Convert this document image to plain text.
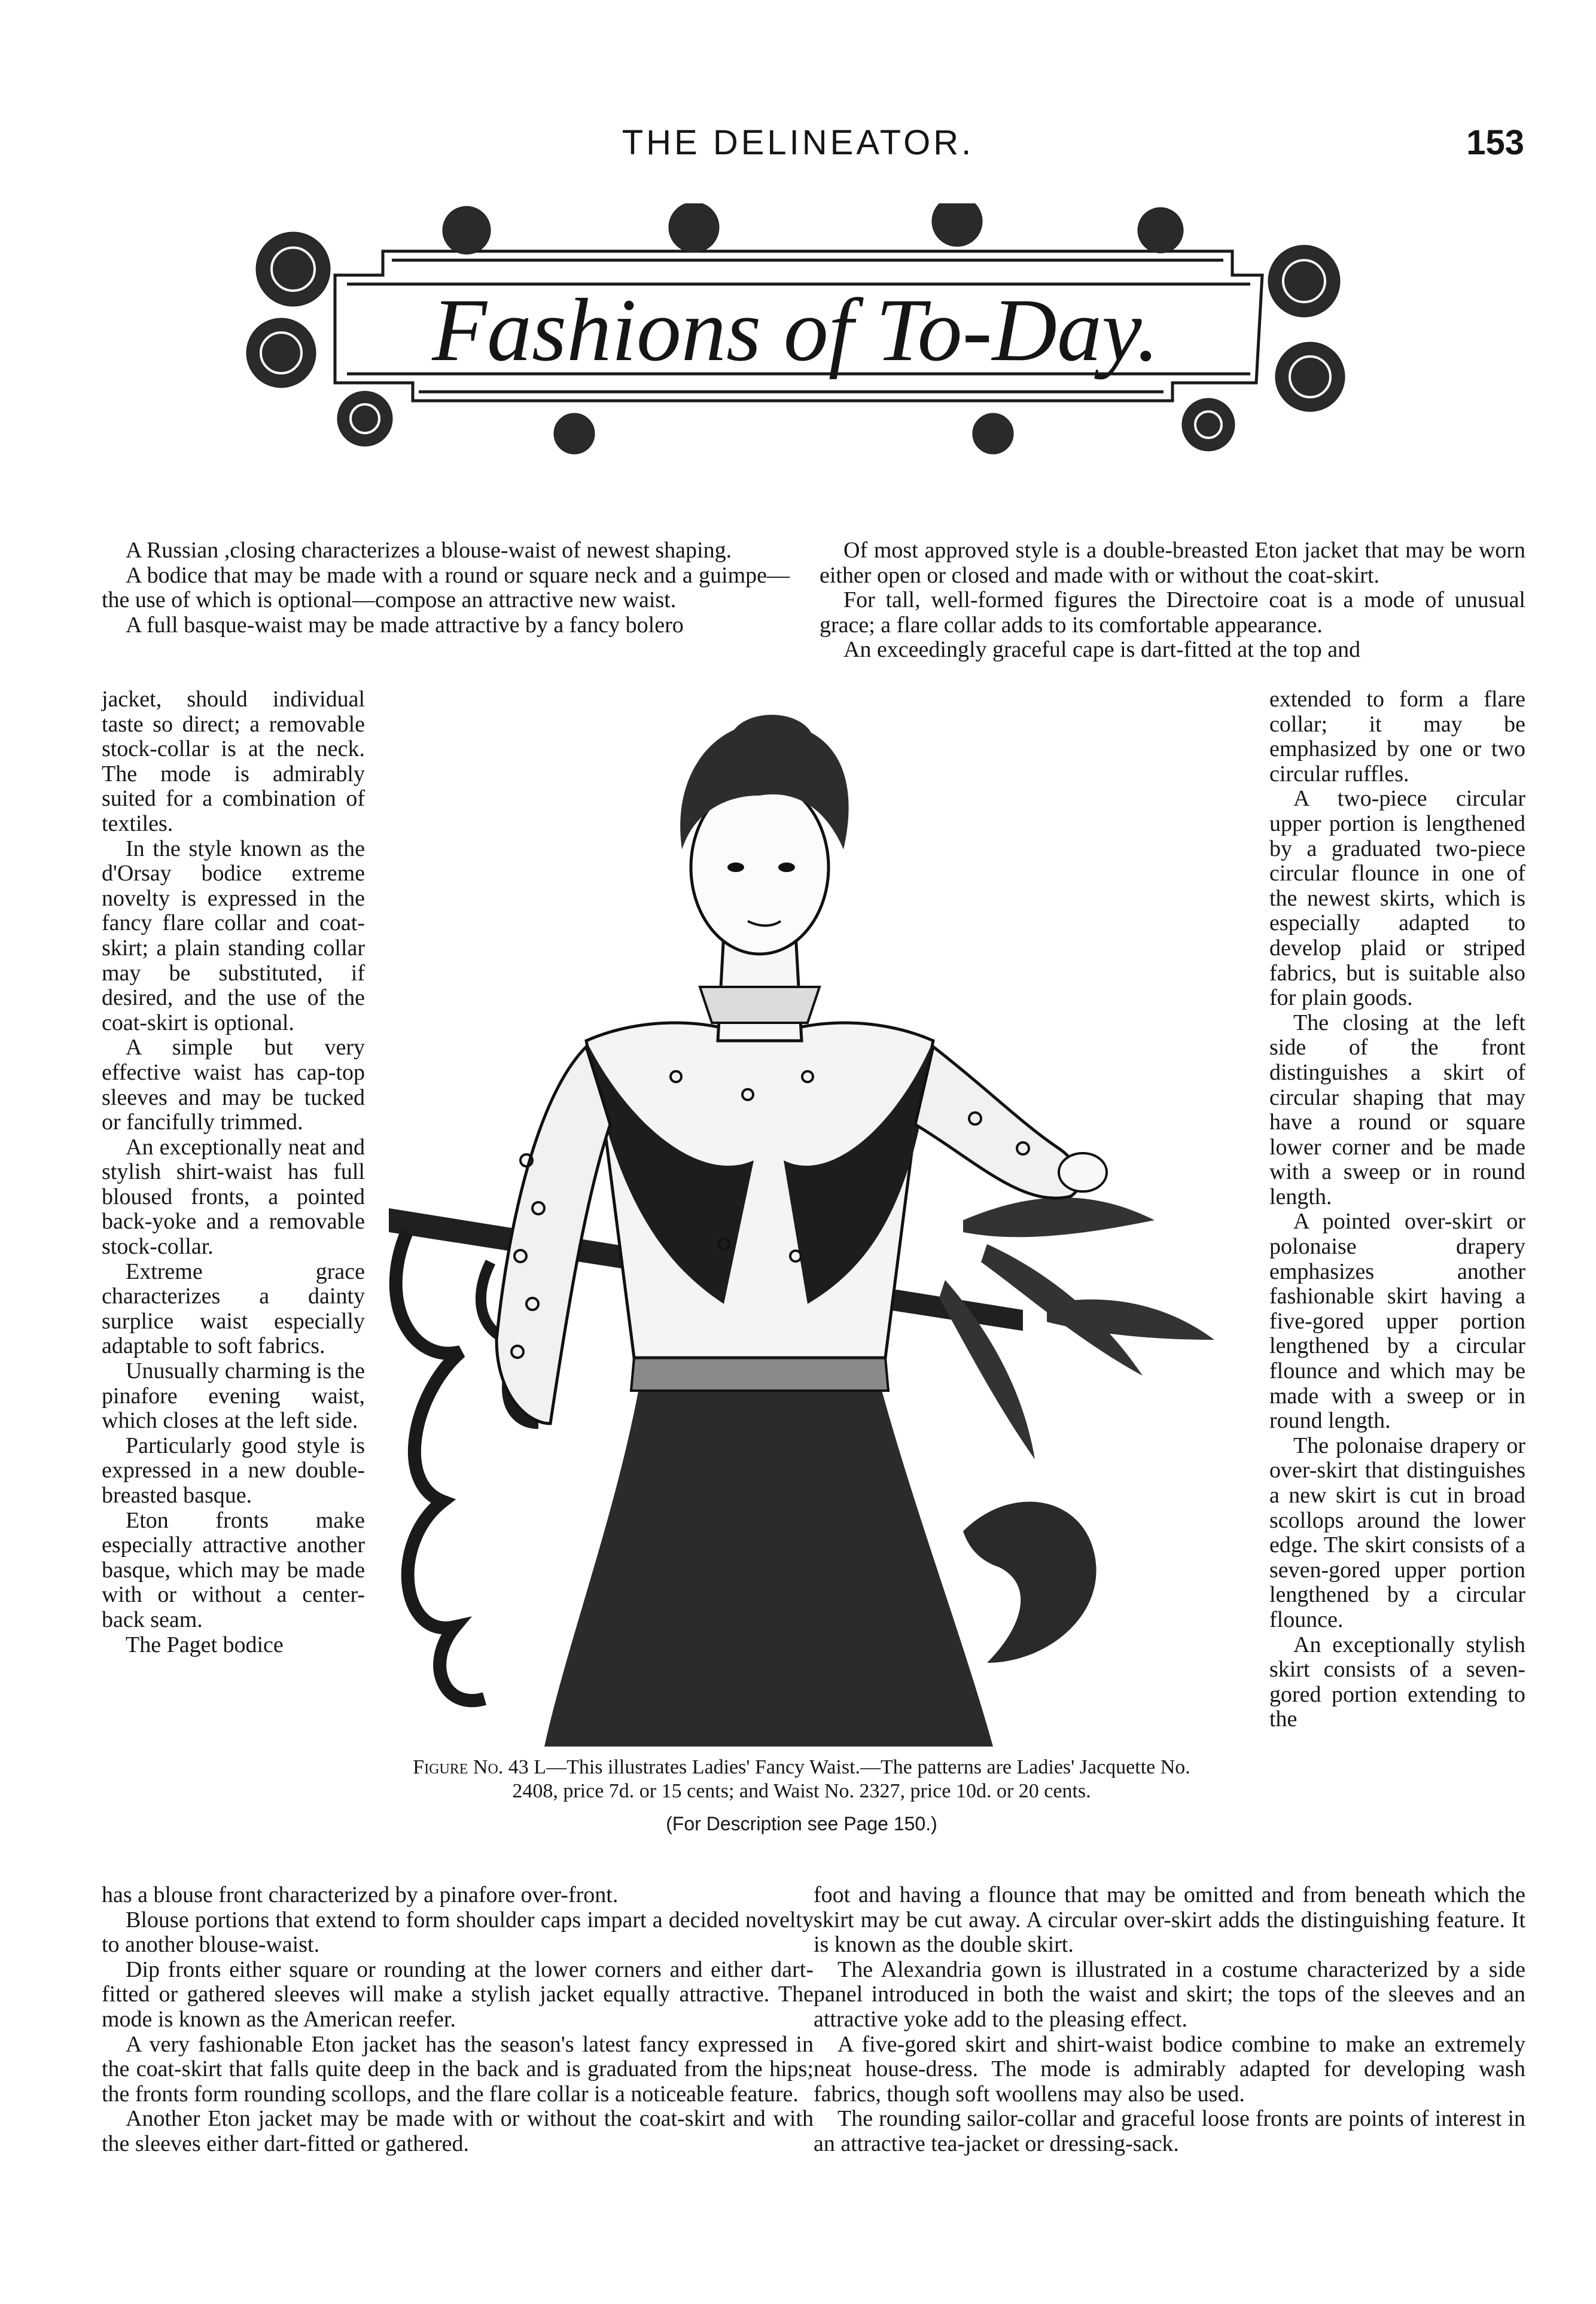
THE DELINEATOR.	153
Fashions of To-Day.

A Russian ,closing characterizes a blouse-waist of newest shaping.

A bodice that may be made with a round or square neck and a guimpe—the use of which is optional—compose an attractive new waist.

A full basque-waist may be made attractive by a fancy bolero

jacket, should individual taste so direct; a removable stock-collar is at the neck. The mode is admirably suited for a combination of textiles.

In the style known as the d'Orsay bodice extreme novelty is expressed in the fancy flare collar and coat-skirt; a plain standing collar may be substituted, if desired, and the use of the coat-skirt is optional.

A simple but very effective waist has cap-top sleeves and may be tucked or fancifully trimmed.

An exceptionally neat and stylish shirt-waist has full bloused fronts, a pointed back-yoke and a removable stock-collar.

Extreme grace characterizes a dainty surplice waist especially adaptable to soft fabrics.

Unusually charming is the pinafore evening waist, which closes at the left side.

Particularly good style is expressed in a new double-breasted basque.

Eton fronts make especially attractive another basque, which may be made with or without a center-back seam.

The Paget bodice

Of most approved style is a double-breasted Eton jacket that may be worn either open or closed and made with or without the coat-skirt.

For tall, well-formed figures the Directoire coat is a mode of unusual grace; a flare collar adds to its comfortable appearance.

An exceedingly graceful cape is dart-fitted at the top and

extended to form a flare collar; it may be emphasized by one or two circular ruffles.

A two-piece circular upper portion is lengthened by a graduated two-piece circular flounce in one of the newest skirts, which is especially adapted to develop plaid or striped fabrics, but is suitable also for plain goods.

The closing at the left side of the front distinguishes a skirt of circular shaping that may have a round or square lower corner and be made with a sweep or in round length.

A pointed over-skirt or polonaise drapery emphasizes another fashionable skirt having a five-gored upper portion lengthened by a circular flounce and which may be made with a sweep or in round length.

The polonaise drapery or over-skirt that distinguishes a new skirt is cut in broad scollops around the lower edge. The skirt consists of a seven-gored upper portion lengthened by a circular flounce.

An exceptionally stylish skirt consists of a seven-gored portion extending to the

Figure No. 43 L—This illustrates Ladies' Fancy Waist.—The patterns are Ladies' Jacquette No. 2408, price 7d. or 15 cents; and Waist No. 2327, price 10d. or 20 cents.
(For Description see Page 150.)

has a blouse front characterized by a pinafore over-front.

Blouse portions that extend to form shoulder caps impart a decided novelty to another blouse-waist.

Dip fronts either square or rounding at the lower corners and either dart-fitted or gathered sleeves will make a stylish jacket equally attractive. The mode is known as the American reefer.

A very fashionable Eton jacket has the season's latest fancy expressed in the coat-skirt that falls quite deep in the back and is graduated from the hips; the fronts form rounding scollops, and the flare collar is a noticeable feature.

Another Eton jacket may be made with or without the coat-skirt and with the sleeves either dart-fitted or gathered.

foot and having a flounce that may be omitted and from beneath which the skirt may be cut away. A circular over-skirt adds the distinguishing feature. It is known as the double skirt.

The Alexandria gown is illustrated in a costume characterized by a side panel introduced in both the waist and skirt; the tops of the sleeves and an attractive yoke add to the pleasing effect.

A five-gored skirt and shirt-waist bodice combine to make an extremely neat house-dress. The mode is admirably adapted for developing wash fabrics, though soft woollens may also be used.

The rounding sailor-collar and graceful loose fronts are points of interest in an attractive tea-jacket or dressing-sack.
